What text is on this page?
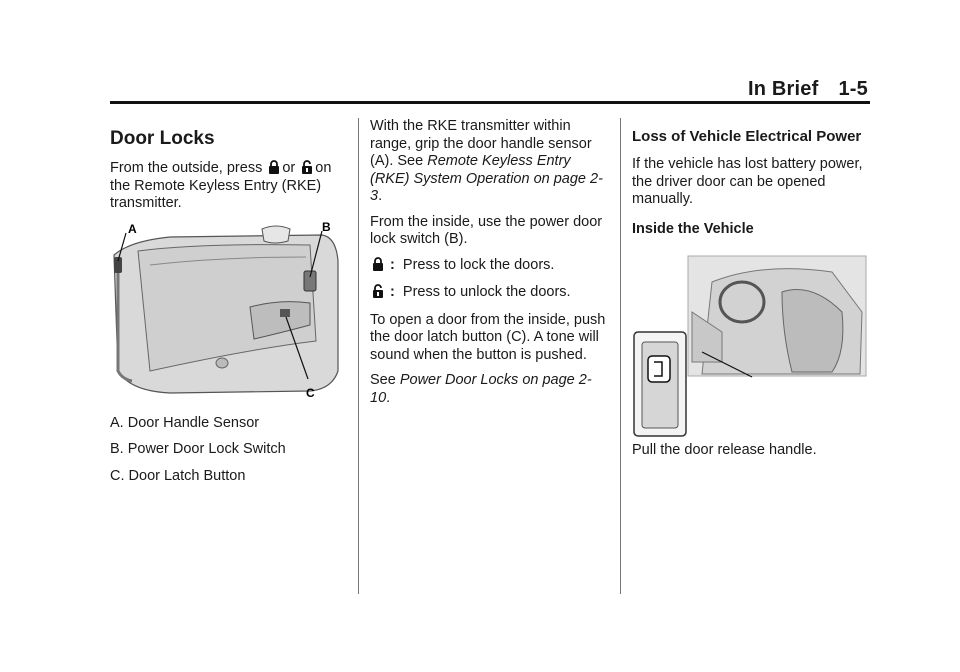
In Brief 1-5
Door Locks

From the outside, press or on the Remote Keyless Entry (RKE) transmitter.

A	B
C

A. Door Handle Sensor

B. Power Door Lock Switch

C. Door Latch Button

With the RKE transmitter within range, grip the door handle sensor (A). See Remote Keyless Entry (RKE) System Operation on page 2-3.

From the inside, use the power door lock switch (B).

: Press to lock the doors.
: Press to unlock the doors.

To open a door from the inside, push the door latch button (C). A tone will sound when the button is pushed.

See Power Door Locks on page 2-10.

Loss of Vehicle Electrical Power

If the vehicle has lost battery power, the driver door can be opened manually.

Inside the Vehicle

Pull the door release handle.
